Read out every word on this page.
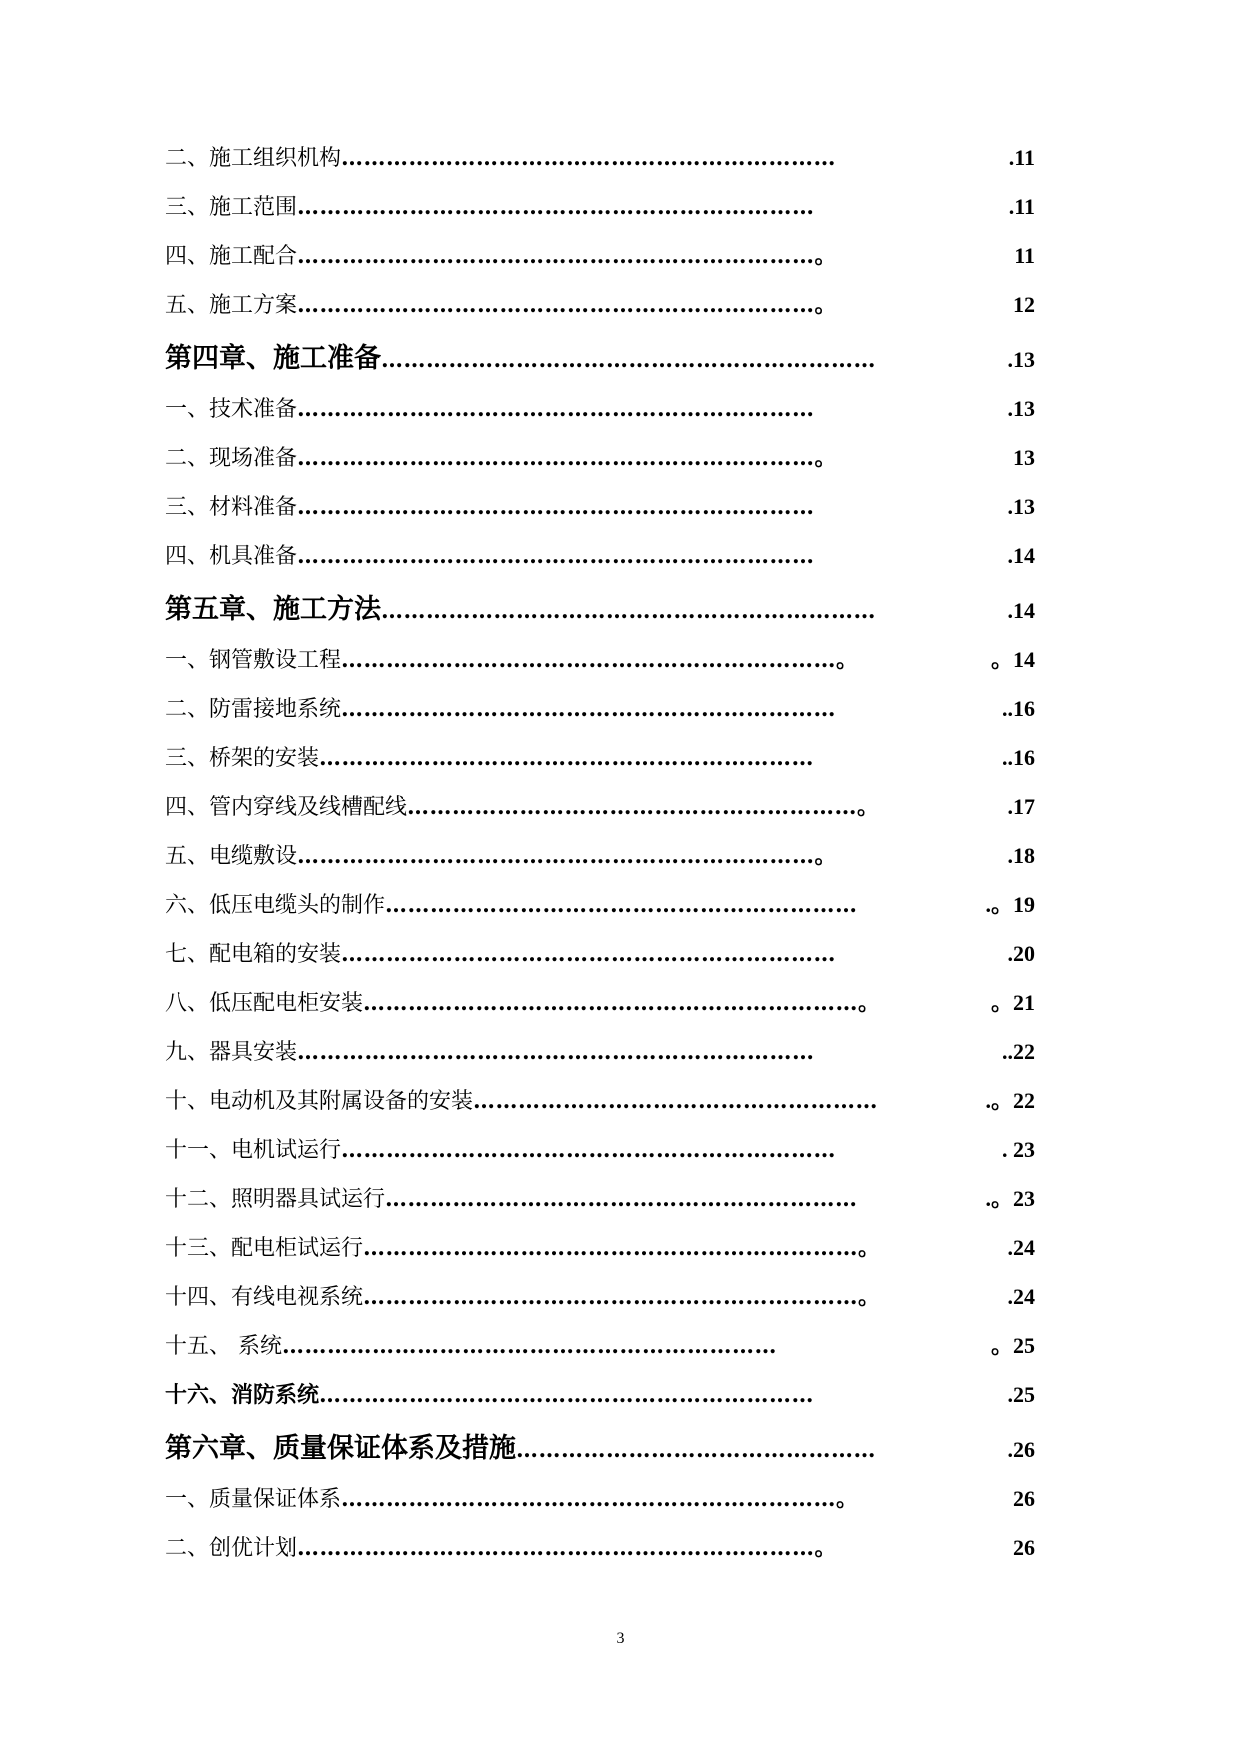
二、施工组织机构 …………………………………………………………	.11
三、施工范围 ……………………………………………………………	.11
四、施工配合 ……………………………………………………………。	11
五、施工方案 ……………………………………………………………。	12
第四章、施工准备 …………………………………………………………	.13
一、技术准备 ……………………………………………………………	.13
二、现场准备 ……………………………………………………………。	13
三、材料准备 ……………………………………………………………	.13
四、机具准备 ……………………………………………………………	.14
第五章、施工方法 …………………………………………………………	.14
一、钢管敷设工程 …………………………………………………………。	。14
二、防雷接地系统 …………………………………………………………	..16
三、桥架的安装 …………………………………………………………	..16
四、管内穿线及线槽配线 ……………………………………………………。	.17
五、电缆敷设 ……………………………………………………………。	.18
六、低压电缆头的制作 ………………………………………………………	.。19
七、配电箱的安装 …………………………………………………………	.20
八、低压配电柜安装 …………………………………………………………。	。21
九、器具安装 ……………………………………………………………	..22
十、电动机及其附属设备的安装 ………………………………………………	.。22
十一、电机试运行 …………………………………………………………	. 23
十二、照明器具试运行 ………………………………………………………	.。23
十三、配电柜试运行 …………………………………………………………。	.24
十四、有线电视系统 …………………………………………………………。	.24
十五、 系统 …………………………………………………………	。25
十六、消防系统 …………………………………………………………	.25
第六章、质量保证体系及措施 …………………………………………	.26
一、质量保证体系 …………………………………………………………。	26
二、创优计划 ……………………………………………………………。	26
3
